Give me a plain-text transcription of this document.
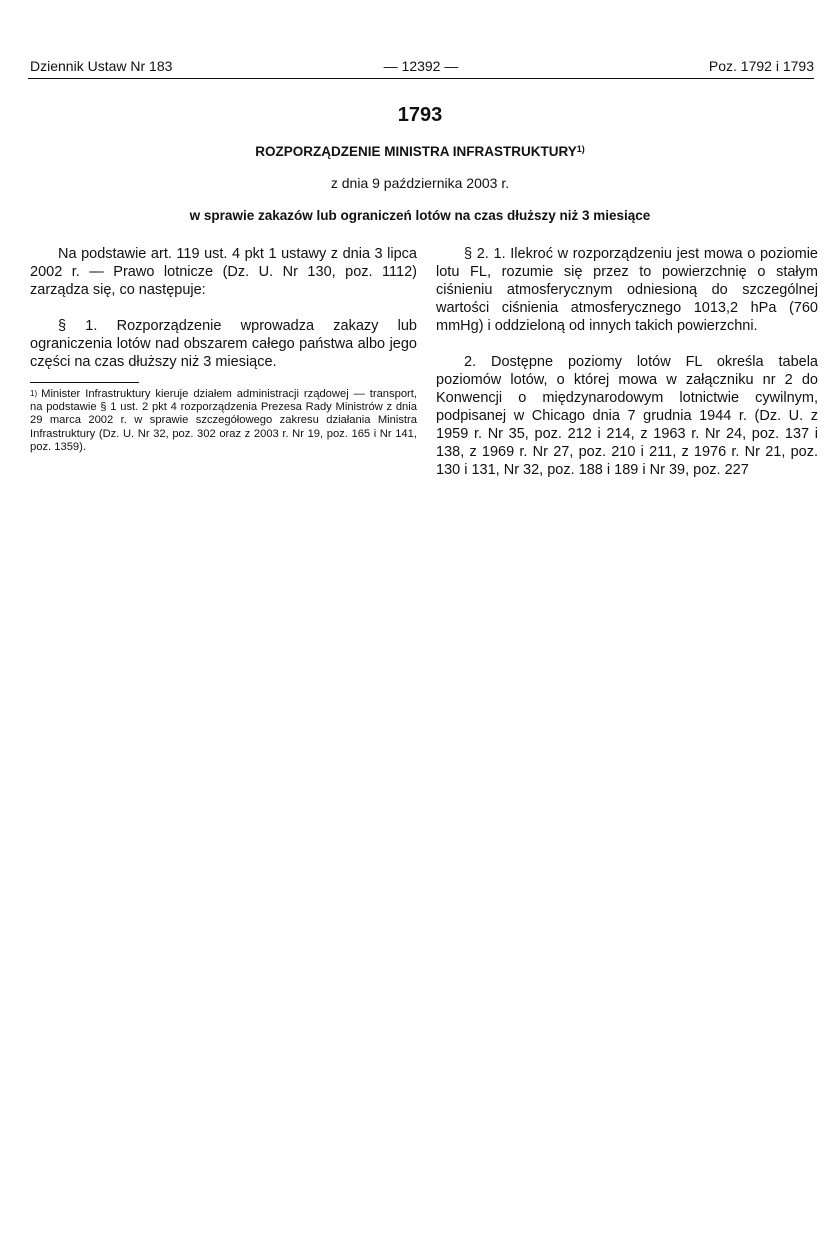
Dziennik Ustaw Nr 183	— 12392 —	Poz. 1792 i 1793
1793
ROZPORZĄDZENIE MINISTRA INFRASTRUKTURY$^{1)}$
z dnia 9 października 2003 r.
w sprawie zakazów lub ograniczeń lotów na czas dłuższy niż 3 miesiące

Na podstawie art. 119 ust. 4 pkt 1 ustawy z dnia 3 lipca 2002 r. — Prawo lotnicze (Dz. U. Nr 130, poz. 1112) zarządza się, co następuje:

§ 1. Rozporządzenie wprowadza zakazy lub ograniczenia lotów nad obszarem całego państwa albo jego części na czas dłuższy niż 3 miesiące.

$^{1)}$ Minister Infrastruktury kieruje działem administracji rządowej — transport, na podstawie § 1 ust. 2 pkt 4 rozporządzenia Prezesa Rady Ministrów z dnia 29 marca 2002 r. w sprawie szczegółowego zakresu działania Ministra Infrastruktury (Dz. U. Nr 32, poz. 302 oraz z 2003 r. Nr 19, poz. 165 i Nr 141, poz. 1359).

§ 2. 1. Ilekroć w rozporządzeniu jest mowa o poziomie lotu FL, rozumie się przez to powierzchnię o stałym ciśnieniu atmosferycznym odniesioną do szczególnej wartości ciśnienia atmosferycznego 1013,2 hPa (760 mmHg) i oddzieloną od innych takich powierzchni.

2. Dostępne poziomy lotów FL określa tabela poziomów lotów, o której mowa w załączniku nr 2 do Konwencji o międzynarodowym lotnictwie cywilnym, podpisanej w Chicago dnia 7 grudnia 1944 r. (Dz. U. z 1959 r. Nr 35, poz. 212 i 214, z 1963 r. Nr 24, poz. 137 i 138, z 1969 r. Nr 27, poz. 210 i 211, z 1976 r. Nr 21, poz. 130 i 131, Nr 32, poz. 188 i 189 i Nr 39, poz. 227
